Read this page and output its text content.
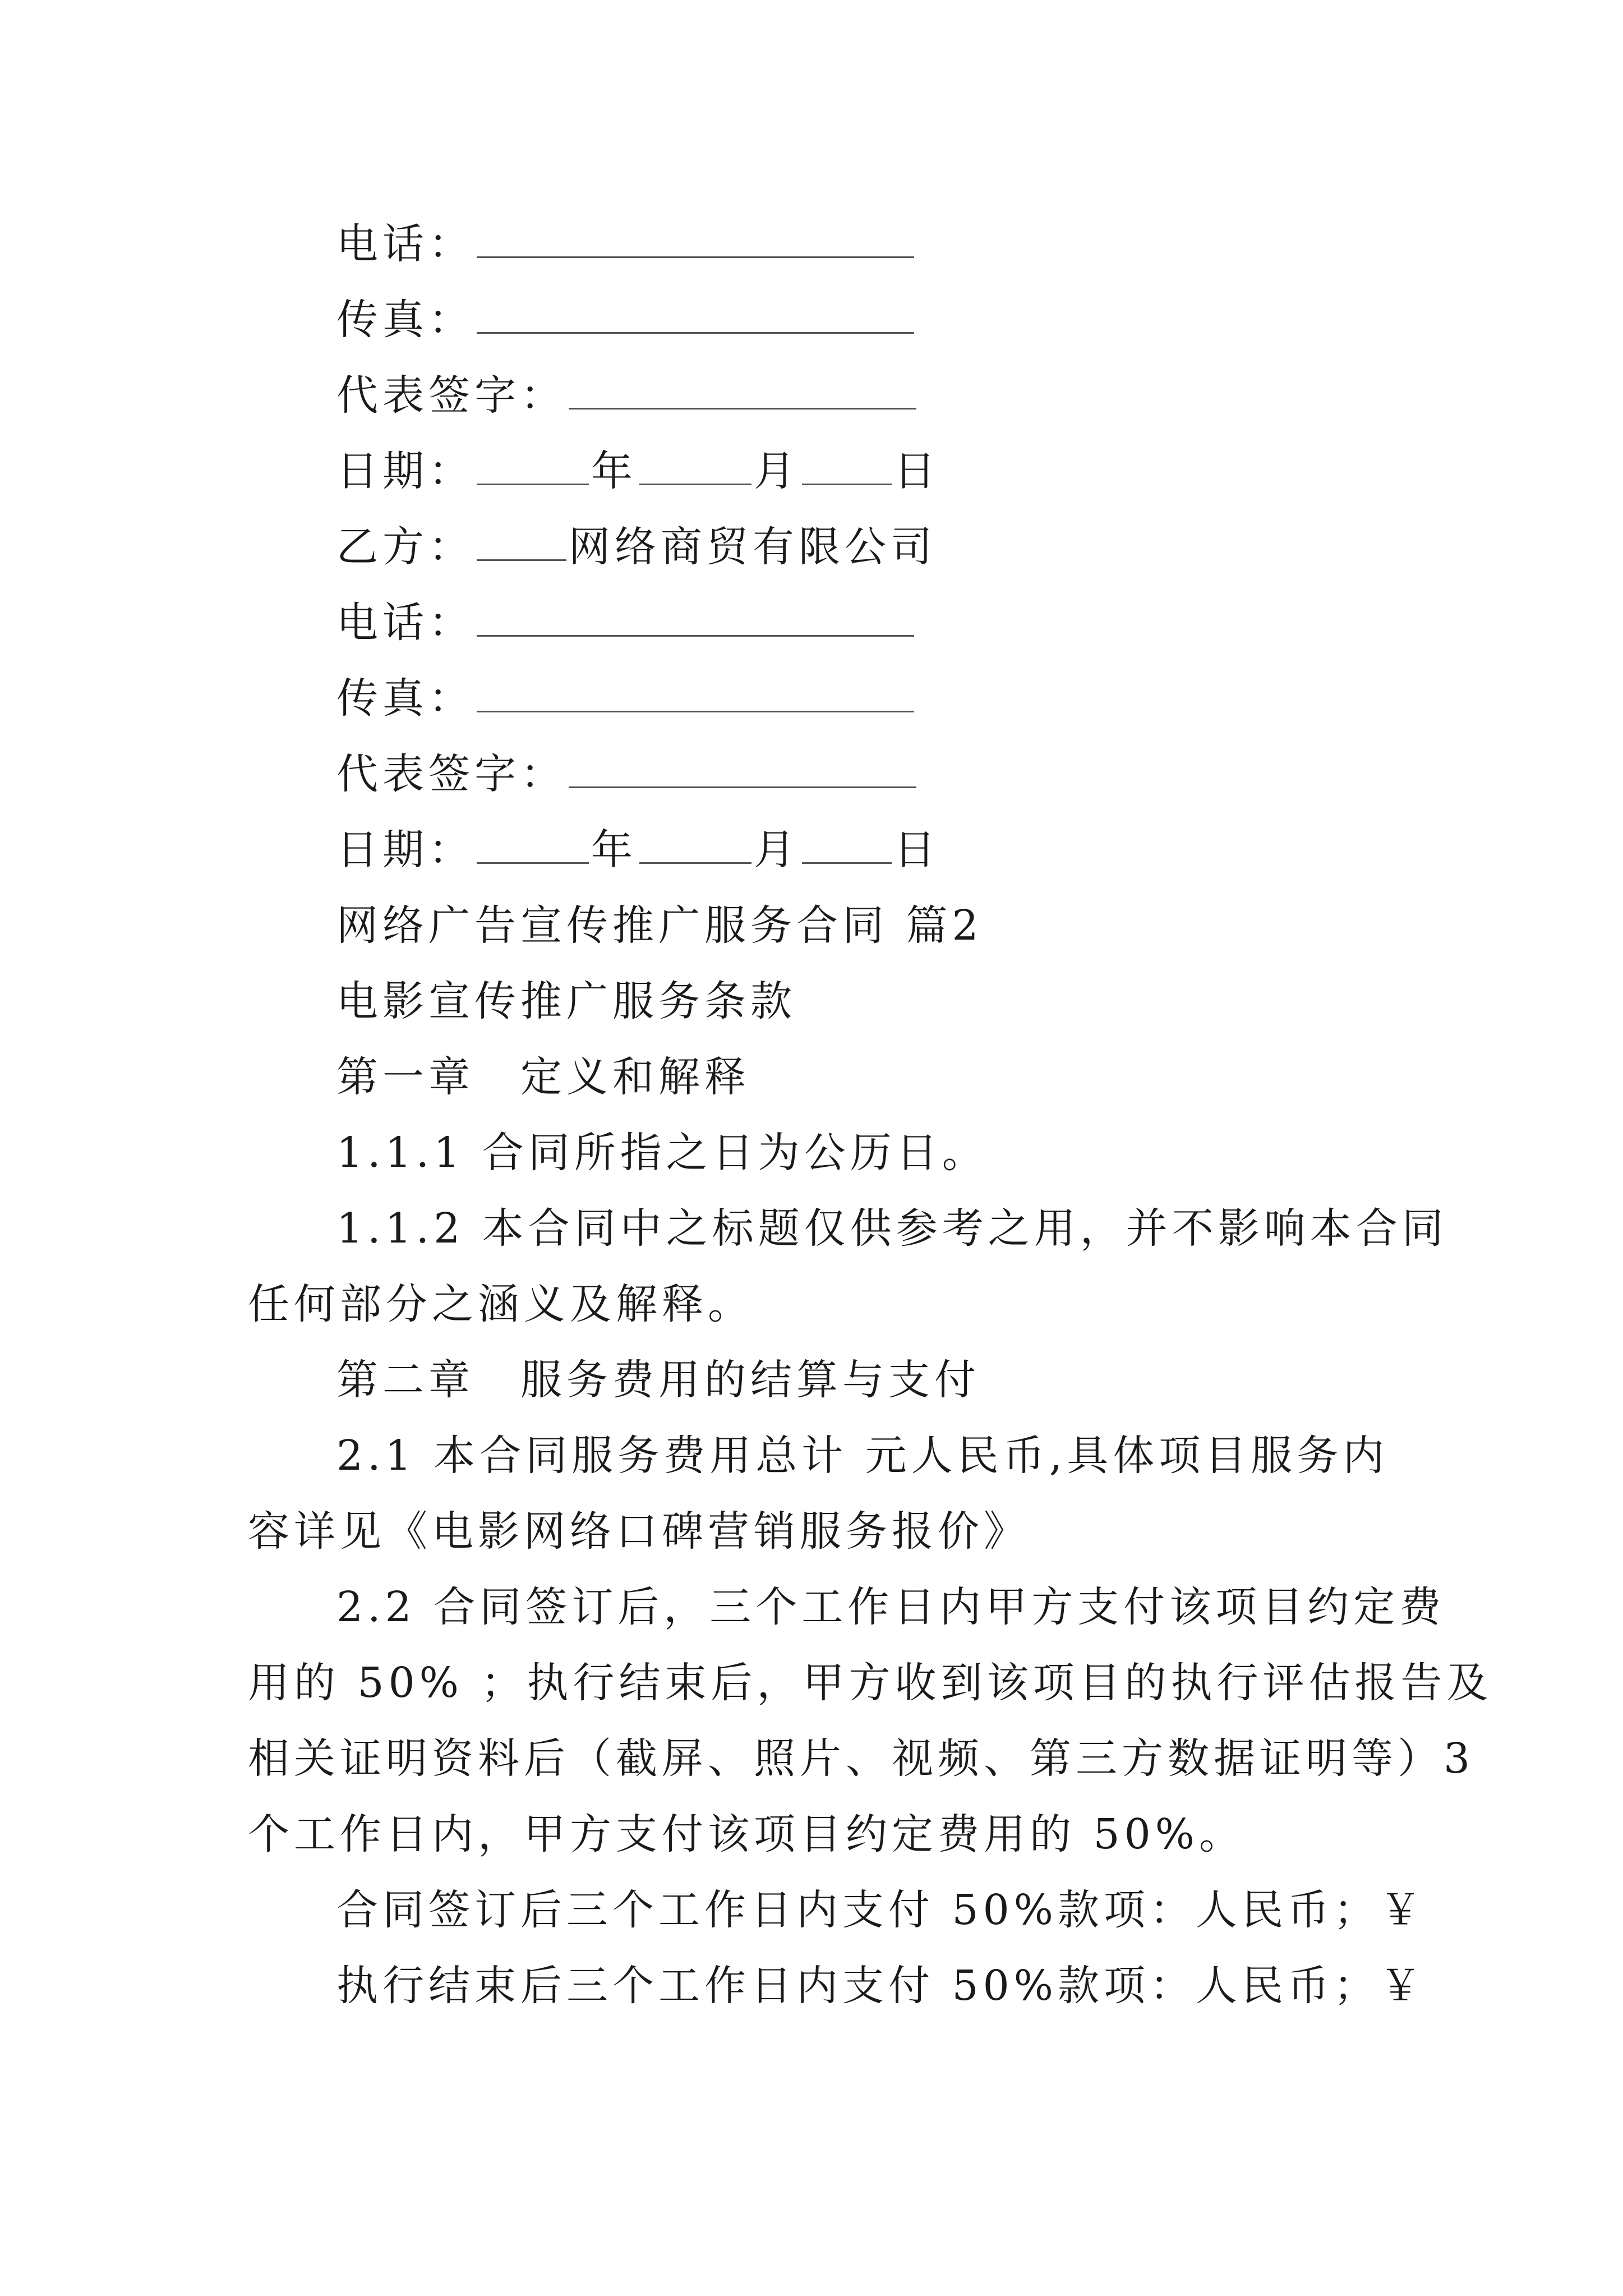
电话：
传真：
代表签字：
日期：	年	月 日
乙方： 网络商贸有限公司
电话：
传真：
代表签字：
日期：	年	月 日
网络广告宣传推广服务合同 篇2
电影宣传推广服务条款
第一章　定义和解释
1.1.1 合同所指之日为公历日。
1.1.2 本合同中之标题仅供参考之用，并不影响本合同
任何部分之涵义及解释。
第二章　服务费用的结算与支付
2.1 本合同服务费用总计 元人民币,具体项目服务内
容详见《电影网络口碑营销服务报价》
2.2 合同签订后，三个工作日内甲方支付该项目约定费
用的 50% ；执行结束后，甲方收到该项目的执行评估报告及
相关证明资料后（截屏、照片、视频、第三方数据证明等）3
个工作日内，甲方支付该项目约定费用的 50%。
合同签订后三个工作日内支付 50%款项：人民币；￥
执行结束后三个工作日内支付 50%款项：人民币；￥
